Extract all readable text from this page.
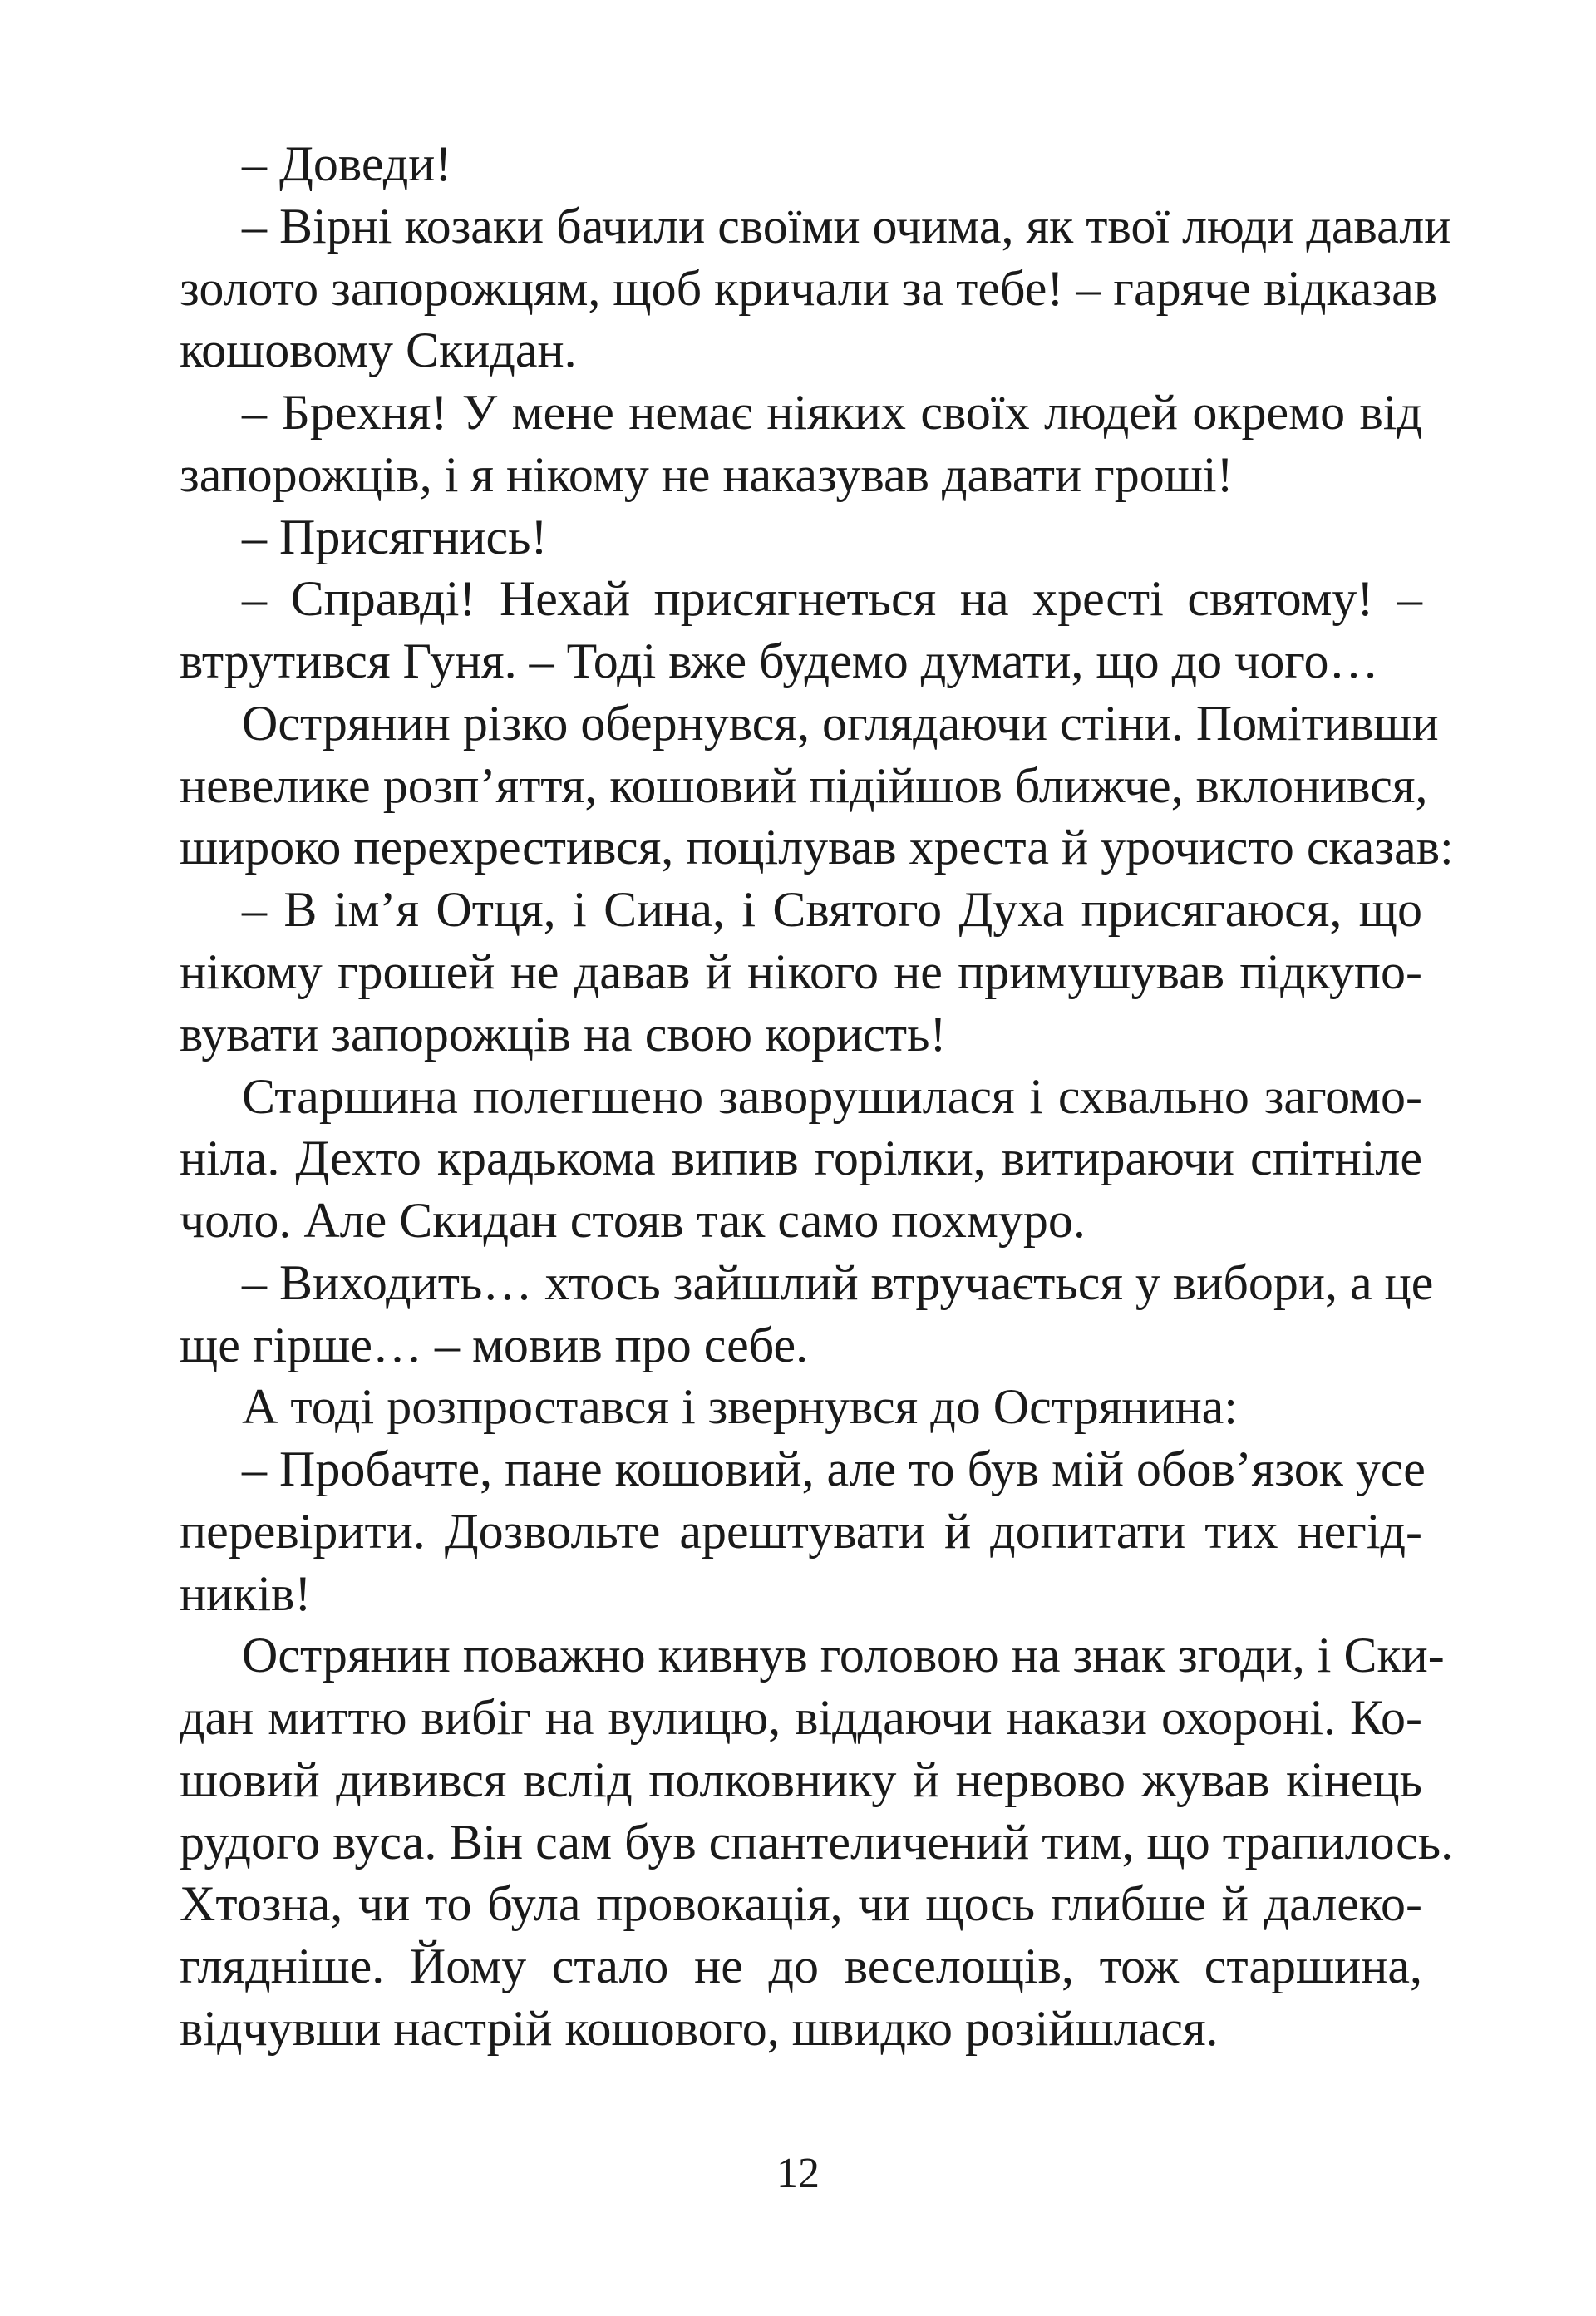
– Доведи!
– Вірні козаки бачили своїми очима, як твої люди давали
золото запорожцям, щоб кричали за тебе! – гаряче відказав
кошовому Скидан.
– Брехня! У мене немає ніяких своїх людей окремо від
запорожців, і я нікому не наказував давати гроші!
– Присягнись!
– Справді! Нехай присягнеться на хресті святому! –
втрутився Гуня. – Тоді вже будемо думати, що до чого…
Острянин різко обернувся, оглядаючи стіни. Помітивши
невелике розп’яття, кошовий підійшов ближче, вклонився,
широко перехрестився, поцілував хреста й урочисто сказав:
– В ім’я Отця, і Сина, і Святого Духа присягаюся, що
нікому грошей не давав й нікого не примушував підкупо-
вувати запорожців на свою користь!
Старшина полегшено заворушилася і схвально загомо-
ніла. Дехто крадькома випив горілки, витираючи спітніле
чоло. Але Скидан стояв так само похмуро.
– Виходить… хтось зайшлий втручається у вибори, а це
ще гірше… – мовив про себе.
А тоді розпростався і звернувся до Острянина:
– Пробачте, пане кошовий, але то був мій обов’язок усе
перевірити. Дозвольте арештувати й допитати тих негід-
ників!
Острянин поважно кивнув головою на знак згоди, і Ски-
дан миттю вибіг на вулицю, віддаючи накази охороні. Ко-
шовий дивився вслід полковнику й нервово жував кінець
рудого вуса. Він сам був спантеличений тим, що трапилось.
Хтозна, чи то була провокація, чи щось глибше й далеко-
глядніше. Йому стало не до веселощів, тож старшина,
відчувши настрій кошового, швидко розійшлася.
12
